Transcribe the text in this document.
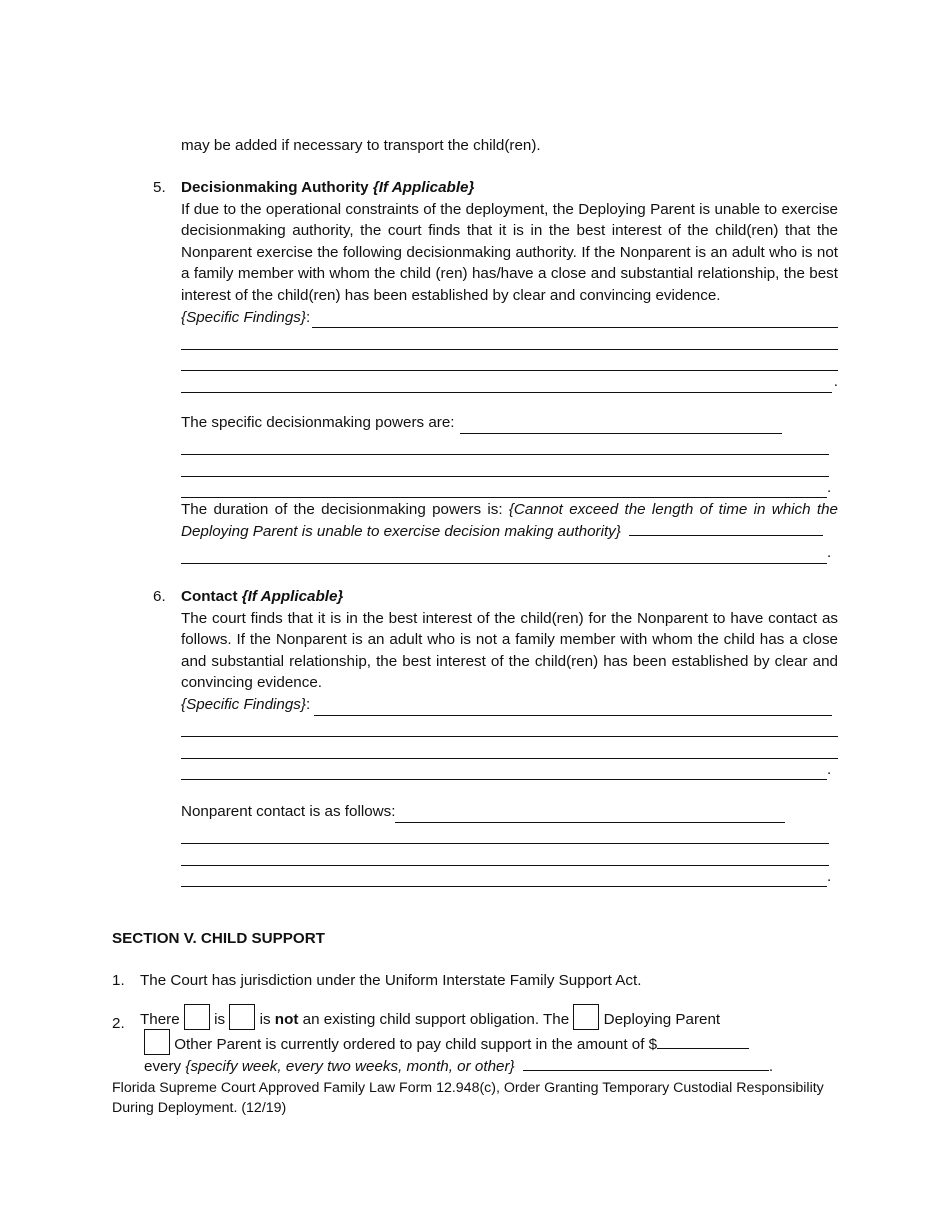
may be added if necessary to transport the child(ren).
5. Decisionmaking Authority {If Applicable}
If due to the operational constraints of the deployment, the Deploying Parent is unable to exercise decisionmaking authority, the court finds that it is in the best interest of the child(ren) that the Nonparent exercise the following decisionmaking authority. If the Nonparent is an adult who is not a family member with whom the child (ren) has/have a close and substantial relationship, the best interest of the child(ren) has been established by clear and convincing evidence.
{Specific Findings} :
.
The specific decisionmaking powers are:
.
The duration of the decisionmaking powers is: {Cannot exceed the length of time in which the Deploying Parent is unable to exercise decision making authority}
.
6. Contact {If Applicable}
The court finds that it is in the best interest of the child(ren) for the Nonparent to have contact as follows. If the Nonparent is an adult who is not a family member with whom the child has a close and substantial relationship, the best interest of the child(ren) has been established by clear and convincing evidence.
{Specific Findings} :
.
Nonparent contact is as follows:
.
SECTION V. CHILD SUPPORT
1. The Court has jurisdiction under the Uniform Interstate Family Support Act.
2. There is is not an existing child support obligation. The Deploying Parent
Other Parent is currently ordered to pay child support in the amount of $
every {specify week, every two weeks, month, or other}	.
Florida Supreme Court Approved Family Law Form 12.948(c), Order Granting Temporary Custodial Responsibility
During Deployment. (12/19)
